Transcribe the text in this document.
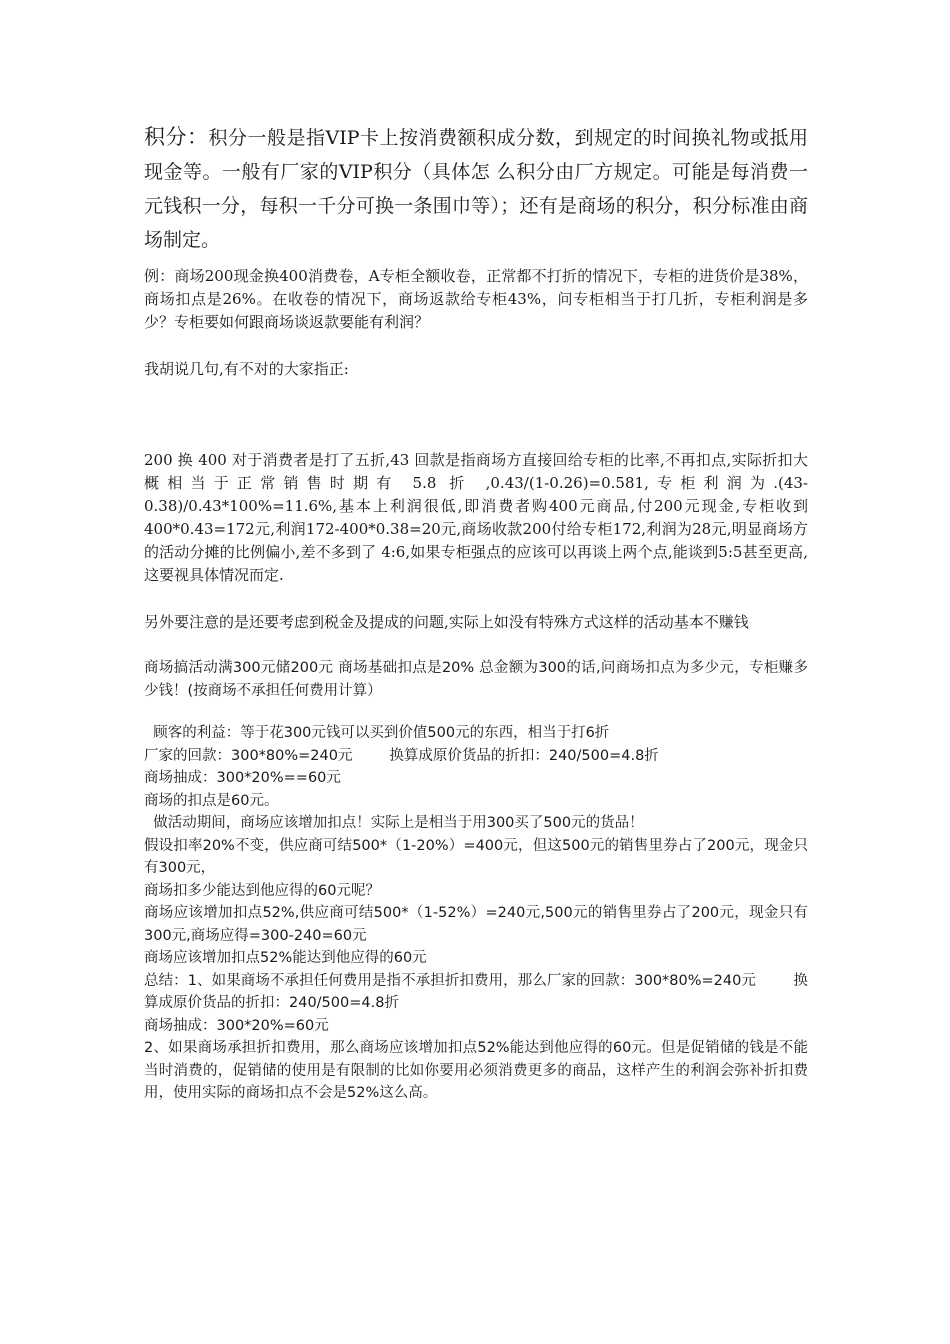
积分：积分一般是指VIP卡上按消费额积成分数，到规定的时间换礼物或抵用现金等。一般有厂家的VIP积分（具体怎 么积分由厂方规定。可能是每消费一元钱积一分，每积一千分可换一条围巾等）；还有是商场的积分，积分标准由商场制定。

例：商场200现金换400消费卷，A专柜全额收卷，正常都不打折的情况下，专柜的进货价是38%，商场扣点是26%。在收卷的情况下，商场返款给专柜43%，问专柜相当于打几折，专柜利润是多少？专柜要如何跟商场谈返款要能有利润？

我胡说几句,有不对的大家指正:

200 换 400 对于消费者是打了五折,43 回款是指商场方直接回给专柜的比率,不再扣点,实际折扣大概相当于正常销售时期有 5.8 折 ,0.43/(1-0.26)=0.581,专柜利润为.(43-0.38)/0.43*100%=11.6%,基本上利润很低,即消费者购400元商品,付200元现金,专柜收到400*0.43=172元,利润172-400*0.38=20元,商场收款200付给专柜172,利润为28元,明显商场方的活动分摊的比例偏小,差不多到了 4:6,如果专柜强点的应该可以再谈上两个点,能谈到5:5甚至更高,这要视具体情况而定.

另外要注意的是还要考虑到税金及提成的问题,实际上如没有特殊方式这样的活动基本不赚钱

商场搞活动满300元储200元 商场基础扣点是20% 总金额为300的话,问商场扣点为多少元，专柜赚多少钱！(按商场不承担任何费用计算）

顾客的利益：等于花300元钱可以买到价值500元的东西，相当于打6折

厂家的回款：300*80%=240元        换算成原价货品的折扣：240/500=4.8折

商场抽成：300*20%==60元

商场的扣点是60元。

做活动期间，商场应该增加扣点！实际上是相当于用300买了500元的货品！

假设扣率20%不变，供应商可结500*（1-20%）=400元，但这500元的销售里券占了200元，现金只有300元，

商场扣多少能达到他应得的60元呢？

商场应该增加扣点52%,供应商可结500*（1-52%）=240元,500元的销售里券占了200元，现金只有300元,商场应得=300-240=60元

商场应该增加扣点52%能达到他应得的60元

总结：1、如果商场不承担任何费用是指不承担折扣费用，那么厂家的回款：300*80%=240元        换算成原价货品的折扣：240/500=4.8折

商场抽成：300*20%=60元

2、如果商场承担折扣费用，那么商场应该增加扣点52%能达到他应得的60元。但是促销储的钱是不能当时消费的，促销储的使用是有限制的比如你要用必须消费更多的商品，这样产生的利润会弥补折扣费用，使用实际的商场扣点不会是52%这么高。
